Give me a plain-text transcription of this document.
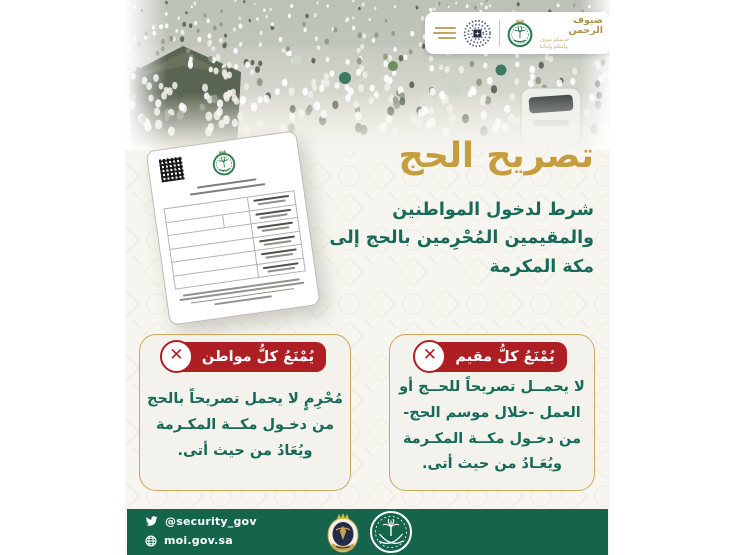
ضيوف الرحمن
خدمتكم شرف
وأمنكم وأماننا
تصريح الحج
شرط لدخول المواطنين
والمقيمين المُحْرِمين بالحج إلى
مكة المكرمة
✕ يُمْنَعُ كلُّ مواطن
مُحْرِمٍ لا يحمل تصريحاً بالحج
من دخـول مكــة المكـرمة
ويُعَادُ من حيث أتى.
✕ يُمْنَعُ كلُّ مقيم
لا يحمــل تصريحاً للحــج أو
العمل -خلال موسم الحج-
من دخـول مكــة المكـرمة
ويُعَـادُ من حيث أتى.
@security_gov
moi.gov.sa
